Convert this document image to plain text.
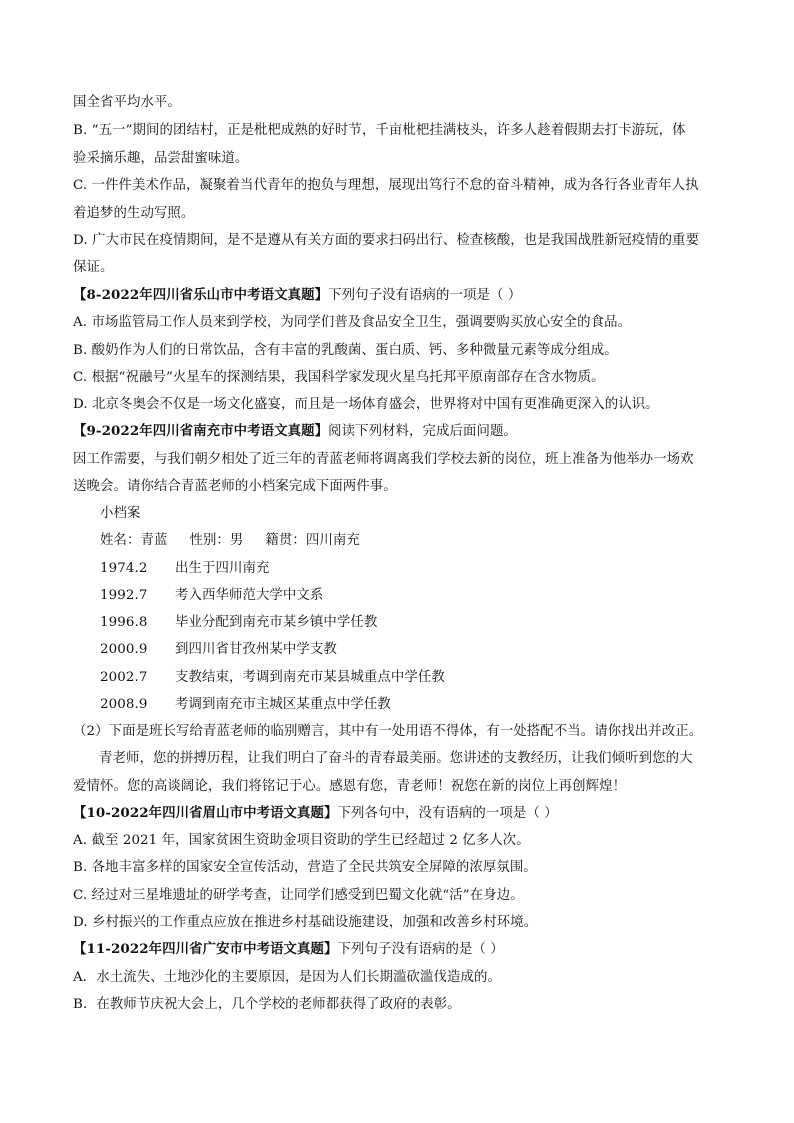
国全省平均水平。
B. “五一”期间的团结村，正是枇杷成熟的好时节，千亩枇杷挂满枝头，许多人趁着假期去打卡游玩，体
验采摘乐趣，品尝甜蜜味道。
C. 一件件美术作品，凝聚着当代青年的抱负与理想，展现出笃行不怠的奋斗精神，成为各行各业青年人执
着追梦的生动写照。
D. 广大市民在疫情期间，是不是遵从有关方面的要求扫码出行、检查核酸，也是我国战胜新冠疫情的重要
保证。
【8-2022年四川省乐山市中考语文真题】下列句子没有语病的一项是（ ）
A. 市场监管局工作人员来到学校，为同学们普及食品安全卫生，强调要购买放心安全的食品。
B. 酸奶作为人们的日常饮品，含有丰富的乳酸菌、蛋白质、钙、多种微量元素等成分组成。
C. 根据“祝融号”火星车的探测结果，我国科学家发现火星乌托邦平原南部存在含水物质。
D. 北京冬奥会不仅是一场文化盛宴，而且是一场体育盛会，世界将对中国有更准确更深入的认识。
【9-2022年四川省南充市中考语文真题】阅读下列材料，完成后面问题。
因工作需要，与我们朝夕相处了近三年的青蓝老师将调离我们学校去新的岗位，班上准备为他举办一场欢
送晚会。请你结合青蓝老师的小档案完成下面两件事。
小档案
姓名：青蓝 性别：男 籍贯：四川南充
1974.2 出生于四川南充
1992.7 考入西华师范大学中文系
1996.8 毕业分配到南充市某乡镇中学任教
2000.9 到四川省甘孜州某中学支教
2002.7 支教结束，考调到南充市某县城重点中学任教
2008.9 考调到南充市主城区某重点中学任教
（2）下面是班长写给青蓝老师的临别赠言，其中有一处用语不得体，有一处搭配不当。请你找出并改正。
青老师，您的拼搏历程，让我们明白了奋斗的青春最美丽。您讲述的支教经历，让我们倾听到您的大
爱情怀。您的高谈阔论，我们将铭记于心。感恩有您，青老师！祝您在新的岗位上再创辉煌！
【10-2022年四川省眉山市中考语文真题】下列各句中，没有语病的一项是（ ）
A. 截至 2021 年，国家贫困生资助金项目资助的学生已经超过 2 亿多人次。
B. 各地丰富多样的国家安全宣传活动，营造了全民共筑安全屏障的浓厚氛围。
C. 经过对三星堆遗址的研学考查，让同学们感受到巴蜀文化就“活”在身边。
D. 乡村振兴的工作重点应放在推进乡村基础设施建设，加强和改善乡村环境。
【11-2022年四川省广安市中考语文真题】下列句子没有语病的是（ ）
A．水土流失、土地沙化的主要原因，是因为人们长期滥砍滥伐造成的。
B．在教师节庆祝大会上，几个学校的老师都获得了政府的表彰。
